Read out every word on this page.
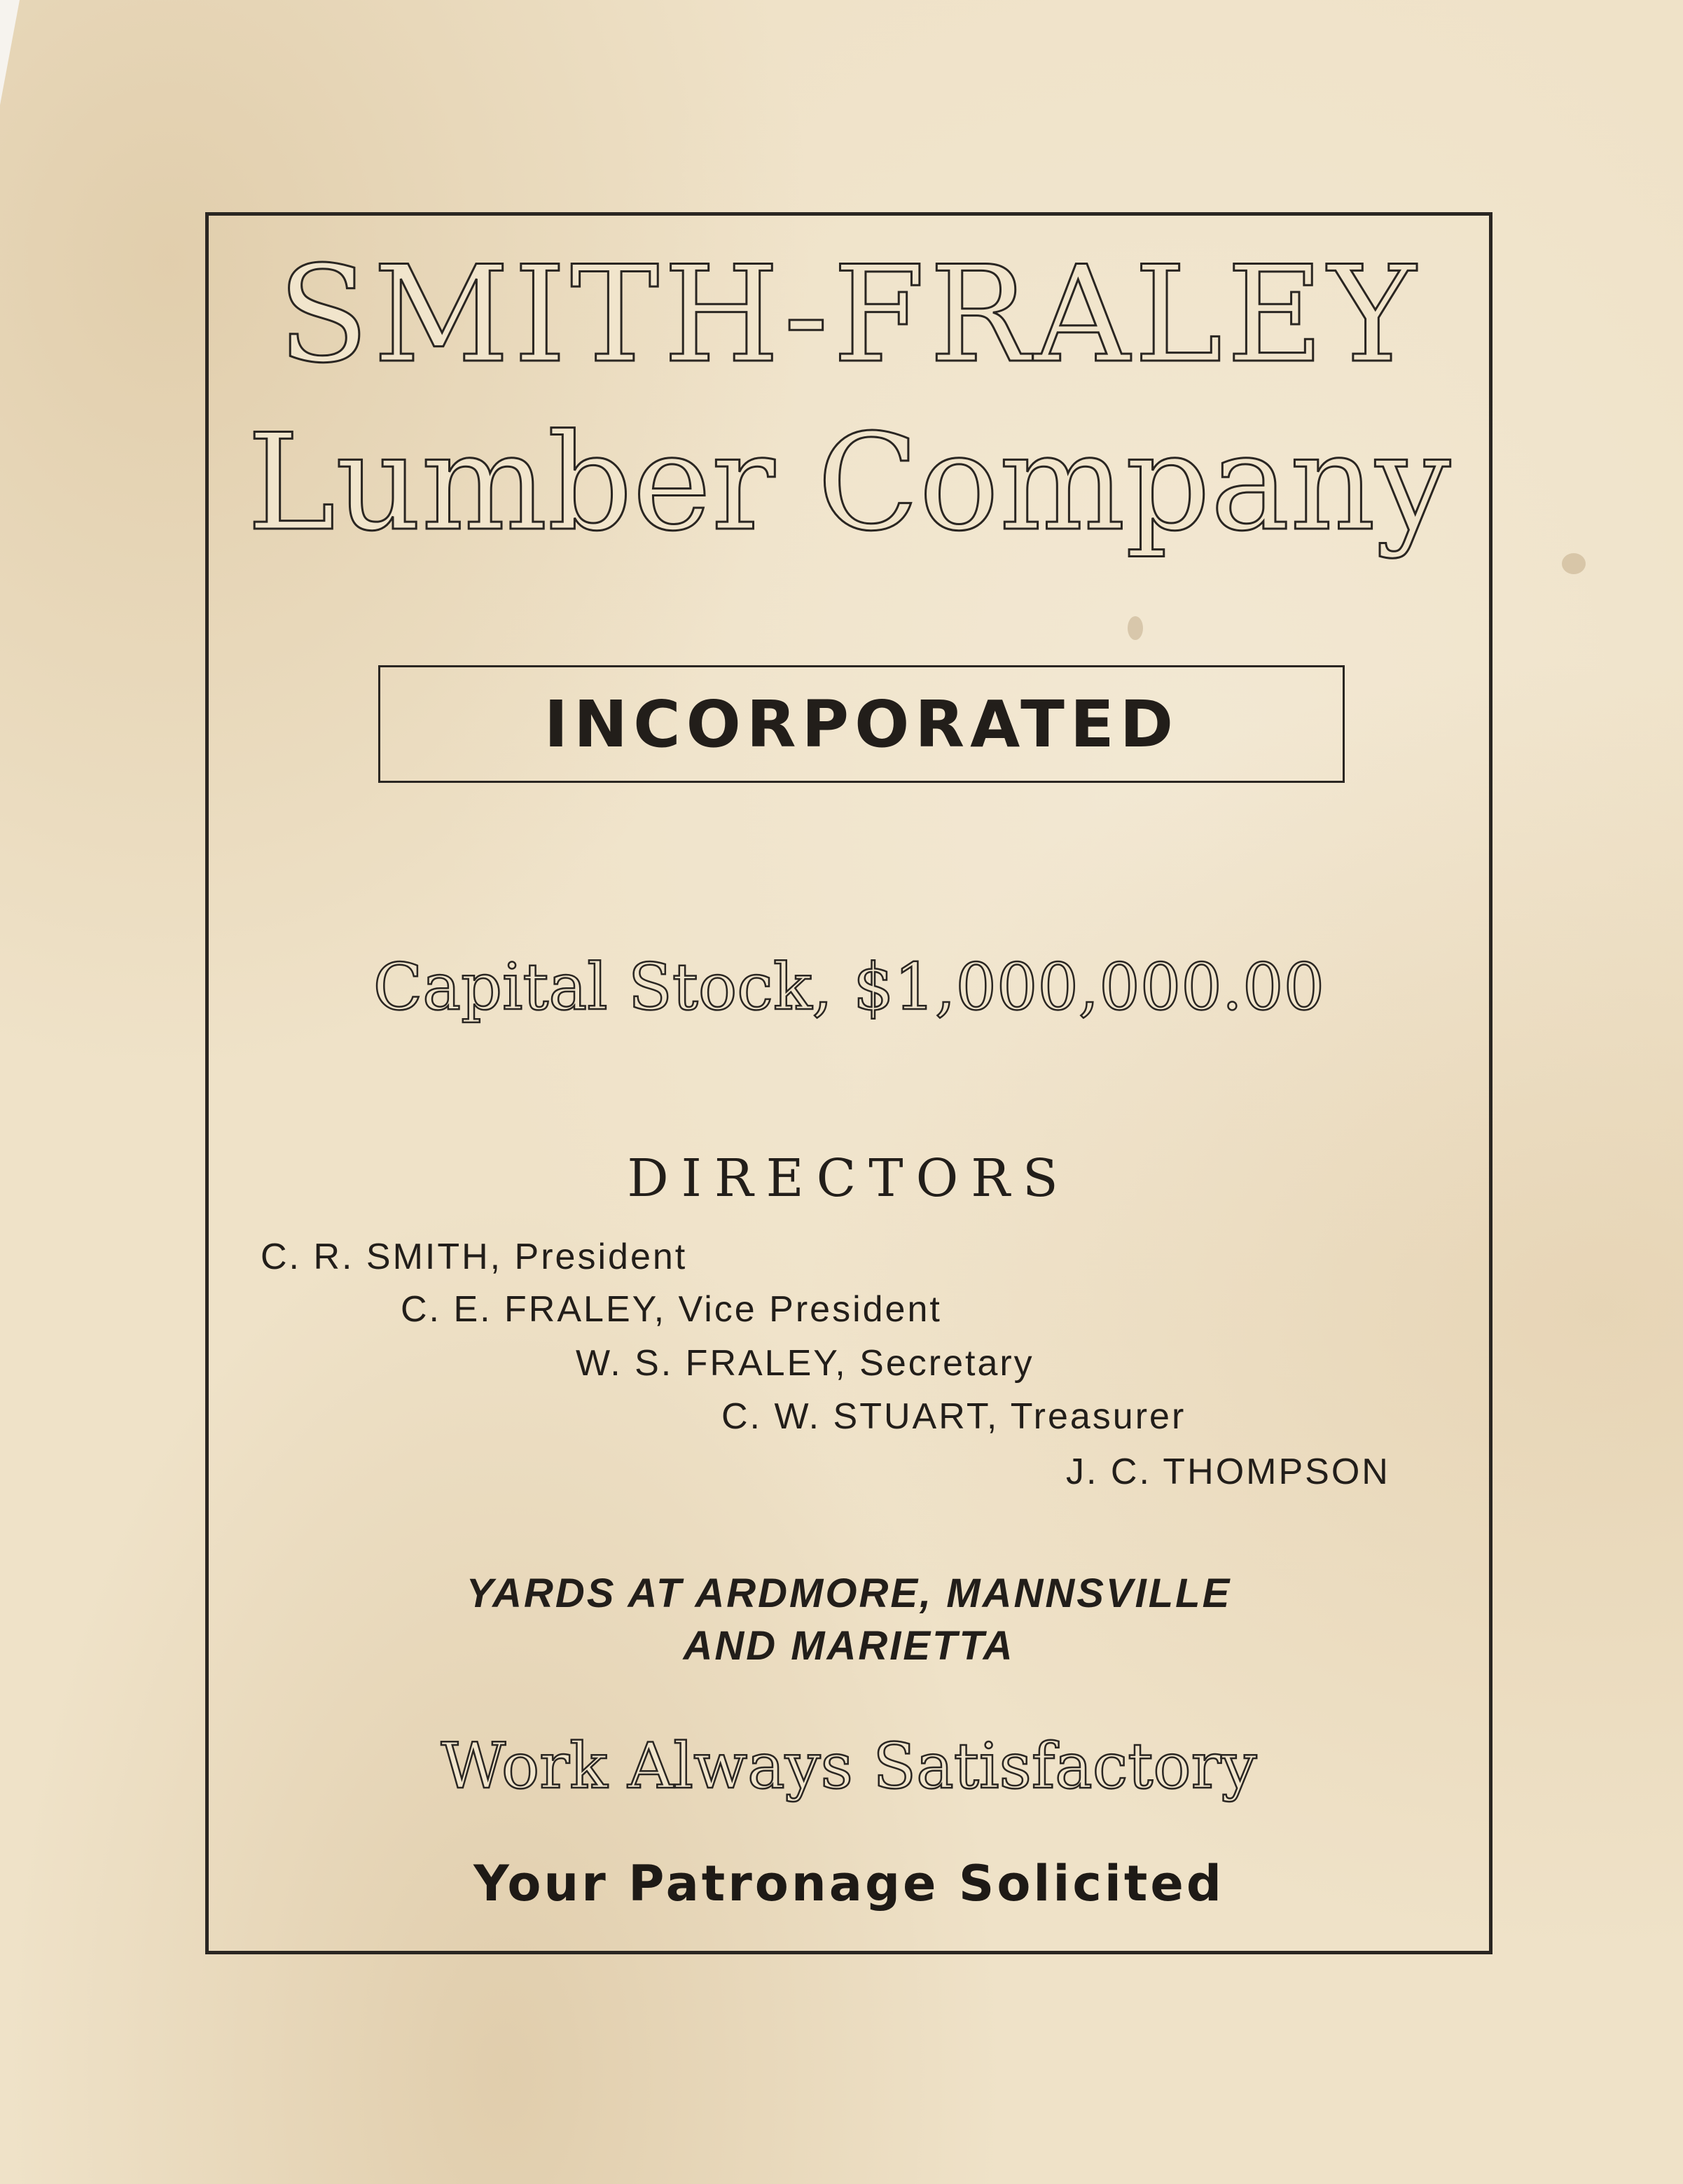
SMITH-FRALEY
Lumber Company
INCORPORATED
Capital Stock, $1,000,000.00
DIRECTORS
C. R. SMITH, President
C. E. FRALEY, Vice President
W. S. FRALEY, Secretary
C. W. STUART, Treasurer
J. C. THOMPSON
YARDS AT ARDMORE, MANNSVILLE
AND MARIETTA
Work Always Satisfactory
Your Patronage Solicited
